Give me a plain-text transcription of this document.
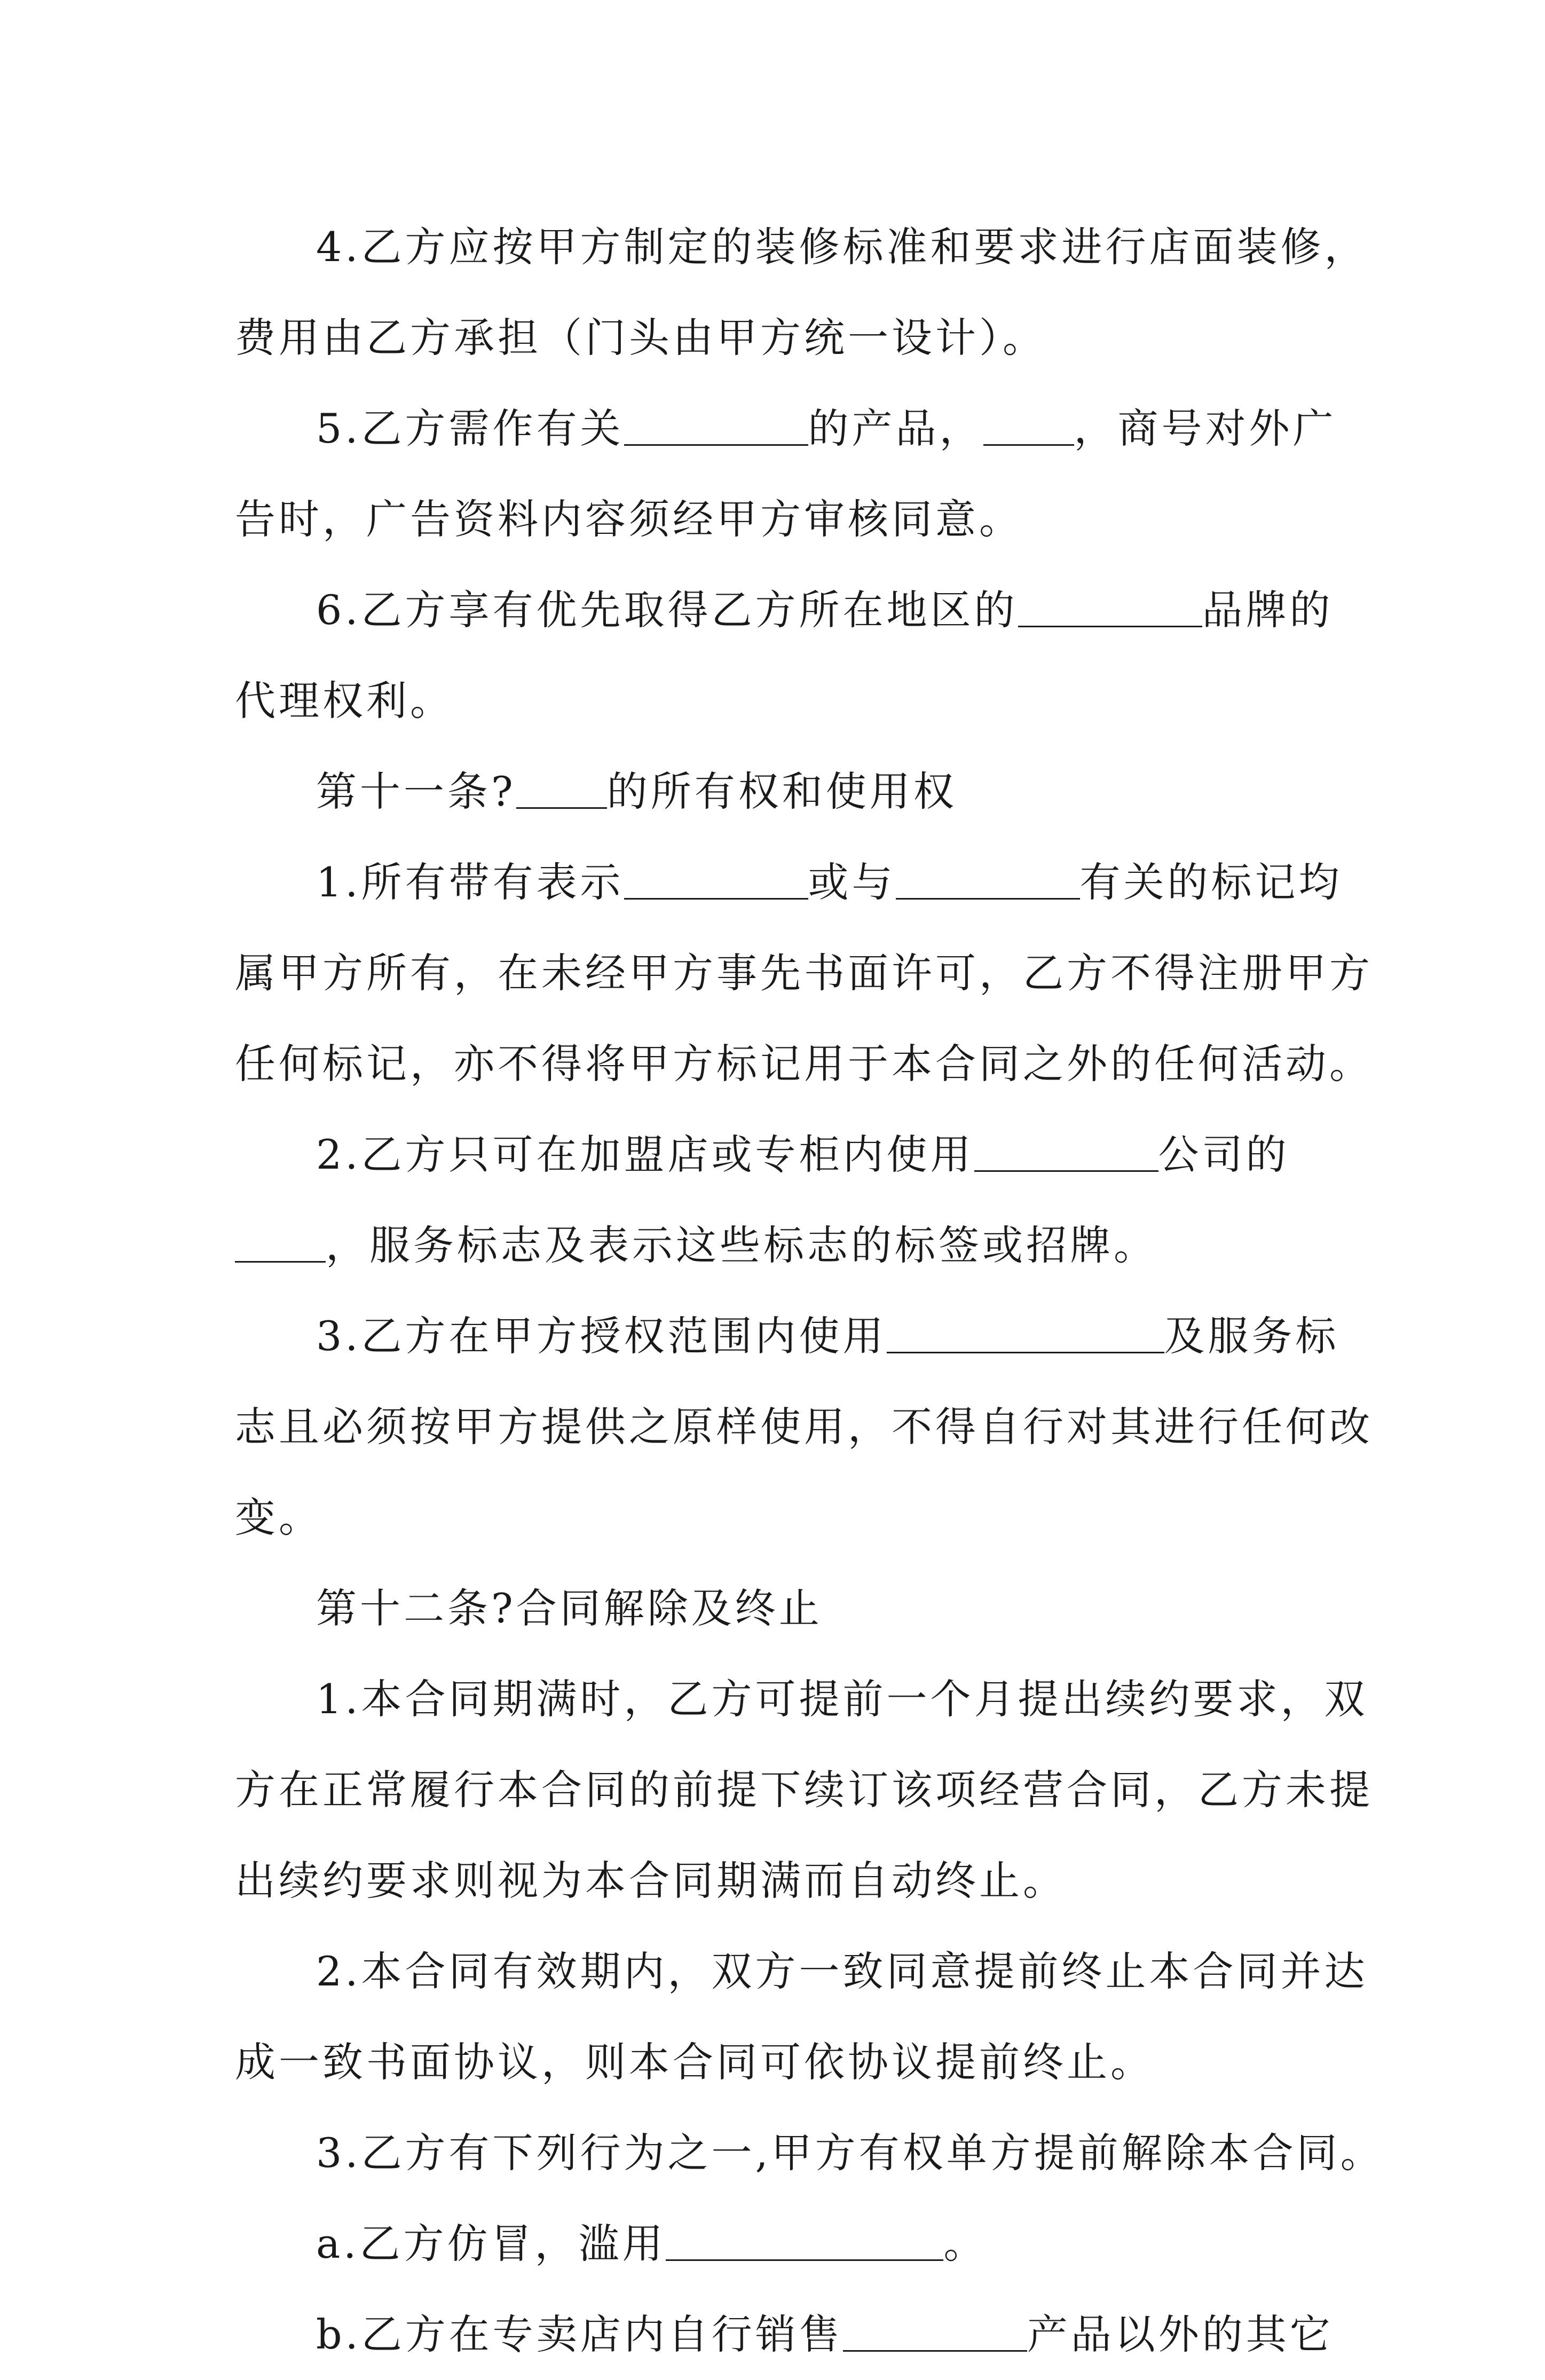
4.乙方应按甲方制定的装修标准和要求进行店面装修，
费用由乙方承担（门头由甲方统一设计）。
5.乙方需作有关	的产品， ，商号对外广
告时，广告资料内容须经甲方审核同意。
6.乙方享有优先取得乙方所在地区的	品牌的
代理权利。
第十一条? 的所有权和使用权
1.所有带有表示	或与	有关的标记均
属甲方所有，在未经甲方事先书面许可，乙方不得注册甲方
任何标记，亦不得将甲方标记用于本合同之外的任何活动。
2.乙方只可在加盟店或专柜内使用	公司的
，服务标志及表示这些标志的标签或招牌。
3.乙方在甲方授权范围内使用	及服务标
志且必须按甲方提供之原样使用，不得自行对其进行任何改
变。
第十二条?合同解除及终止
1.本合同期满时，乙方可提前一个月提出续约要求，双
方在正常履行本合同的前提下续订该项经营合同，乙方未提
出续约要求则视为本合同期满而自动终止。
2.本合同有效期内，双方一致同意提前终止本合同并达
成一致书面协议，则本合同可依协议提前终止。
3.乙方有下列行为之一,甲方有权单方提前解除本合同。
a.乙方仿冒，滥用	。
b.乙方在专卖店内自行销售	产品以外的其它
